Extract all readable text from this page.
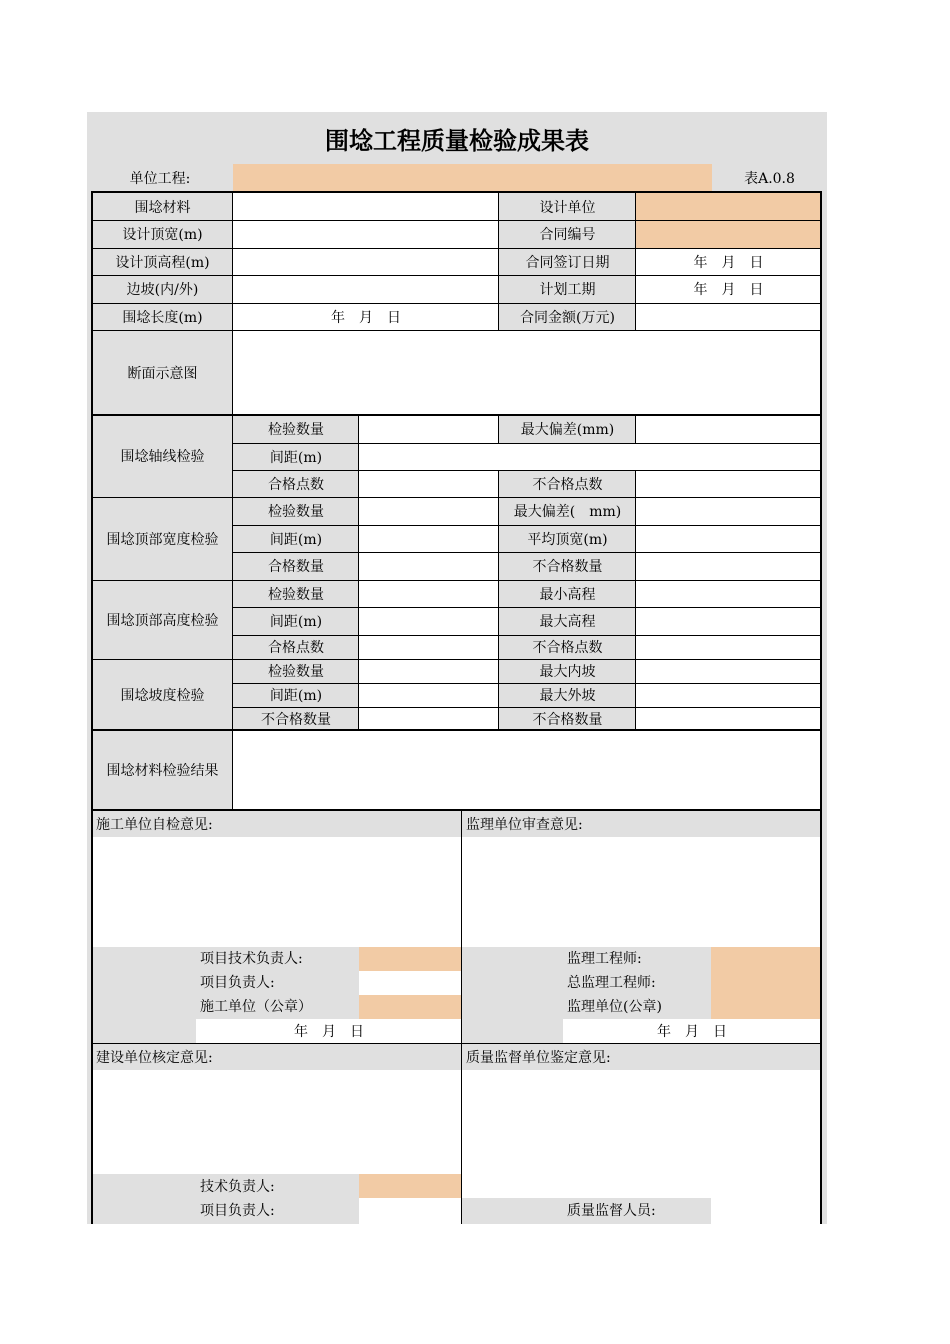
围埝工程质量检验成果表
单位工程:	表A.0.8
围埝材料	设计单位
设计顶宽(m)	合同编号
设计顶高程(m)	合同签订日期	年　月　日
边坡(内/外)	计划工期	年　月　日
围埝长度(m)	年　月　日	合同金额(万元)
断面示意图
围埝轴线检验
检验数量	最大偏差(mm)
间距(m)
合格点数	不合格点数
围埝顶部宽度检验
检验数量	最大偏差(　mm)
间距(m)	平均顶宽(m)
合格数量	不合格数量
围埝顶部高度检验
检验数量	最小高程
间距(m)	最大高程
合格点数	不合格点数
围埝坡度检验
检验数量	最大内坡
间距(m)	最大外坡
不合格数量	不合格数量
围埝材料检验结果
施工单位自检意见:	监理单位审查意见:
项目技术负责人:
项目负责人:
施工单位（公章）
年　月　日
监理工程师:
总监理工程师:
监理单位(公章)
年　月　日
建设单位核定意见:	质量监督单位鉴定意见:
技术负责人:
项目负责人:	质量监督人员:
